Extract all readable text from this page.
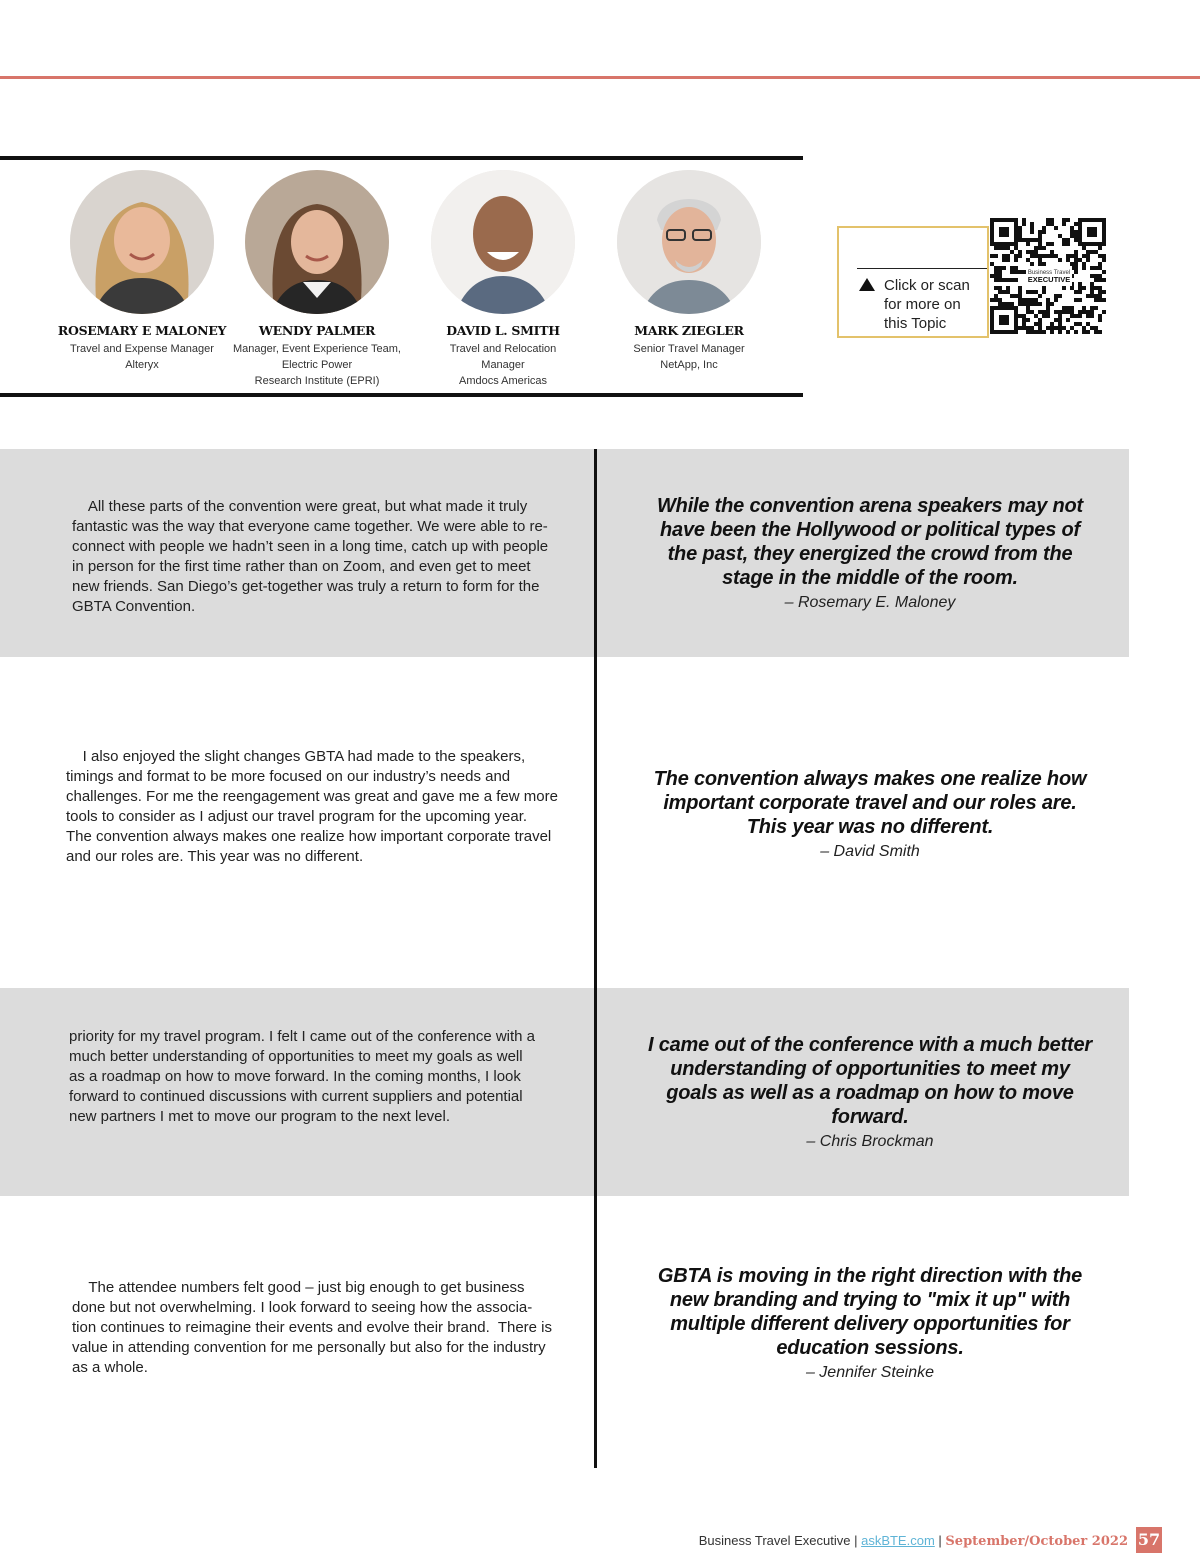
ROSEMARY E MALONEY
Travel and Expense Manager
Alteryx
WENDY PALMER
Manager, Event Experience Team,
Electric Power
Research Institute (EPRI)
DAVID L. SMITH
Travel and Relocation
Manager
Amdocs Americas
MARK ZIEGLER
Senior Travel Manager
NetApp, Inc
Click or scan
for more on
this Topic
Business Travel
EXECUTIVE
All these parts of the convention were great, but what made it truly
fantastic was the way that everyone came together. We were able to re-
connect with people we hadn’t seen in a long time, catch up with people
in person for the first time rather than on Zoom, and even get to meet
new friends. San Diego’s get-together was truly a return to form for the
GBTA Convention.
While the convention arena speakers may not
have been the Hollywood or political types of
the past, they energized the crowd from the
stage in the middle of the room.
– Rosemary E. Maloney
I also enjoyed the slight changes GBTA had made to the speakers,
timings and format to be more focused on our industry’s needs and
challenges. For me the reengagement was great and gave me a few more
tools to consider as I adjust our travel program for the upcoming year.
The convention always makes one realize how important corporate travel
and our roles are. This year was no different.
The convention always makes one realize how
important corporate travel and our roles are.
This year was no different.
– David Smith
priority for my travel program. I felt I came out of the conference with a
much better understanding of opportunities to meet my goals as well
as a roadmap on how to move forward. In the coming months, I look
forward to continued discussions with current suppliers and potential
new partners I met to move our program to the next level.
I came out of the conference with a much better
understanding of opportunities to meet my
goals as well as a roadmap on how to move
forward.
– Chris Brockman
The attendee numbers felt good – just big enough to get business
done but not overwhelming. I look forward to seeing how the associa-
tion continues to reimagine their events and evolve their brand.  There is
value in attending convention for me personally but also for the industry
as a whole.
GBTA is moving in the right direction with the
new branding and trying to "mix it up" with
multiple different delivery opportunities for
education sessions.
– Jennifer Steinke
Business Travel Executive | askBTE.com | September/October 2022 57
